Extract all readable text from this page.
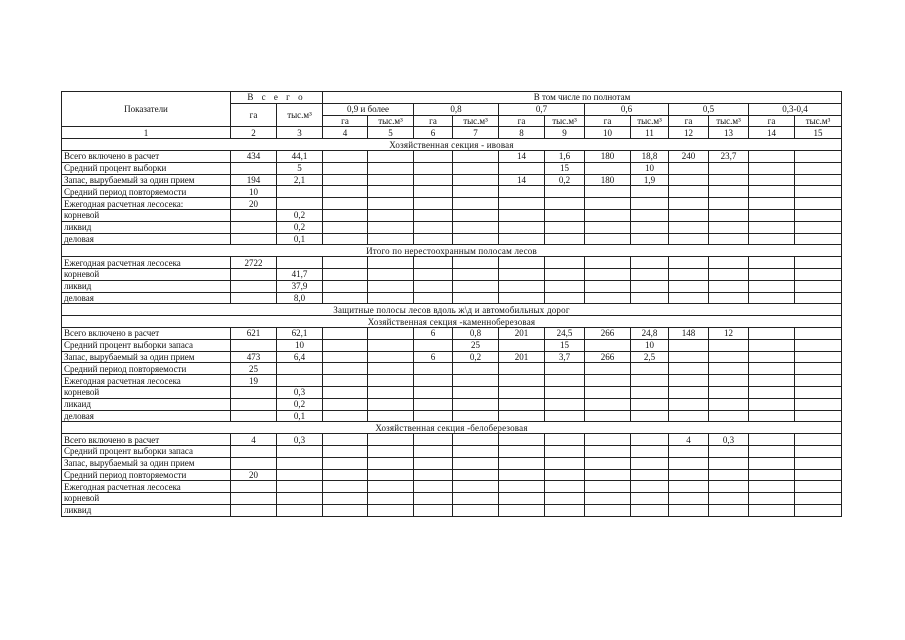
Показатели	В с е г о		В том числе по полнотам											
	га	тыс.м³	0,9 и более		0,8		0,7		0,6		0,5		0,3-0,4	
			га	тыс.м³	га	тыс.м³	га	тыс.м³	га	тыс.м³	га	тыс.м³	га	тыс.м³
1	2	3	4	5	6	7	8	9	10	11	12	13	14	15
Хозяйственная секция - ивовая														
Всего включено в расчет	434	44,1					14	1,6	180	18,8	240	23,7		
Средний процент выборки		5						15		10				
Запас, вырубаемый за один прием	194	2,1					14	0,2	180	1,9				
Средний период повторяемости	10													
Ежегодная расчетная лесосека:	20													
корневой		0,2												
ликвид		0,2												
деловая		0,1												
Итого по нерестоохранным полосам лесов														
Ежегодная расчетная лесосека	2722													
корневой		41,7												
ликвид		37,9												
деловая		8,0												
Защитные полосы лесов вдоль ж\д и автомобильных дорог														
Хозяйственная секция -каменноберезовая														
Всего включено в расчет	621	62,1			6	0,8	201	24,5	266	24,8	148	12		
Средний процент выборки запаса		10				25		15		10				
Запас, вырубаемый за один прием	473	6,4			6	0,2	201	3,7	266	2,5				
Средний период повторяемости	25													
Ежегодная расчетная лесосека	19													
корневой		0,3												
ликаид		0,2												
деловая		0,1												
Хозяйственная секция -белоберезовая														
Всего включено в расчет	4	0,3									4	0,3		
Средний процент выборки запаса														
Запас, вырубаемый за один прием														
Средний период повторяемости	20													
Ежегодная расчетная лесосека														
корневой														
ликвид														
